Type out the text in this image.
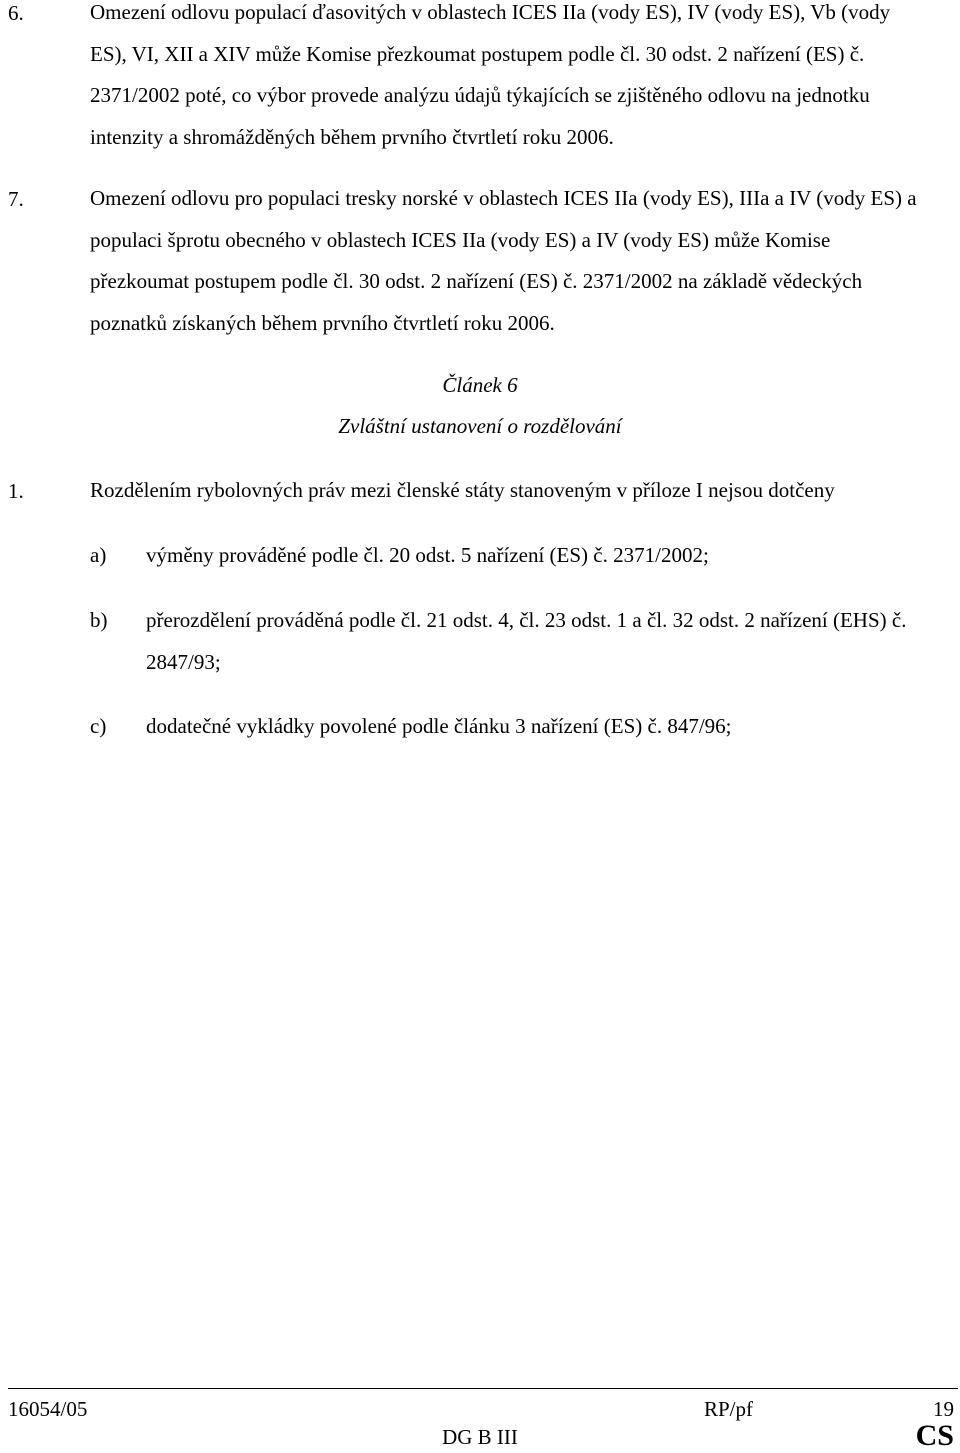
6.	Omezení odlovu populací ďasovitých v oblastech ICES IIa (vody ES), IV (vody ES), Vb (vody ES), VI, XII a XIV může Komise přezkoumat postupem podle čl. 30 odst. 2 nařízení (ES) č. 2371/2002 poté, co výbor provede analýzu údajů týkajících se zjištěného odlovu na jednotku intenzity a shromážděných během prvního čtvrtletí roku 2006.
7.	Omezení odlovu pro populaci tresky norské v oblastech ICES IIa (vody ES), IIIa a IV (vody ES) a populaci šprotu obecného v oblastech ICES IIa (vody ES) a IV (vody ES) může Komise přezkoumat postupem podle čl. 30 odst. 2 nařízení (ES) č. 2371/2002 na základě vědeckých poznatků získaných během prvního čtvrtletí roku 2006.
Článek 6
Zvláštní ustanovení o rozdělování
1.	Rozdělením rybolovných práv mezi členské státy stanoveným v příloze I nejsou dotčeny
a) výměny prováděné podle čl. 20 odst. 5 nařízení (ES) č. 2371/2002;
b) přerozdělení prováděná podle čl. 21 odst. 4, čl. 23 odst. 1 a čl. 32 odst. 2 nařízení (EHS) č. 2847/93;
c) dodatečné vykládky povolené podle článku 3 nařízení (ES) č. 847/96;
16054/05	RP/pf	19
DG B III	CS
